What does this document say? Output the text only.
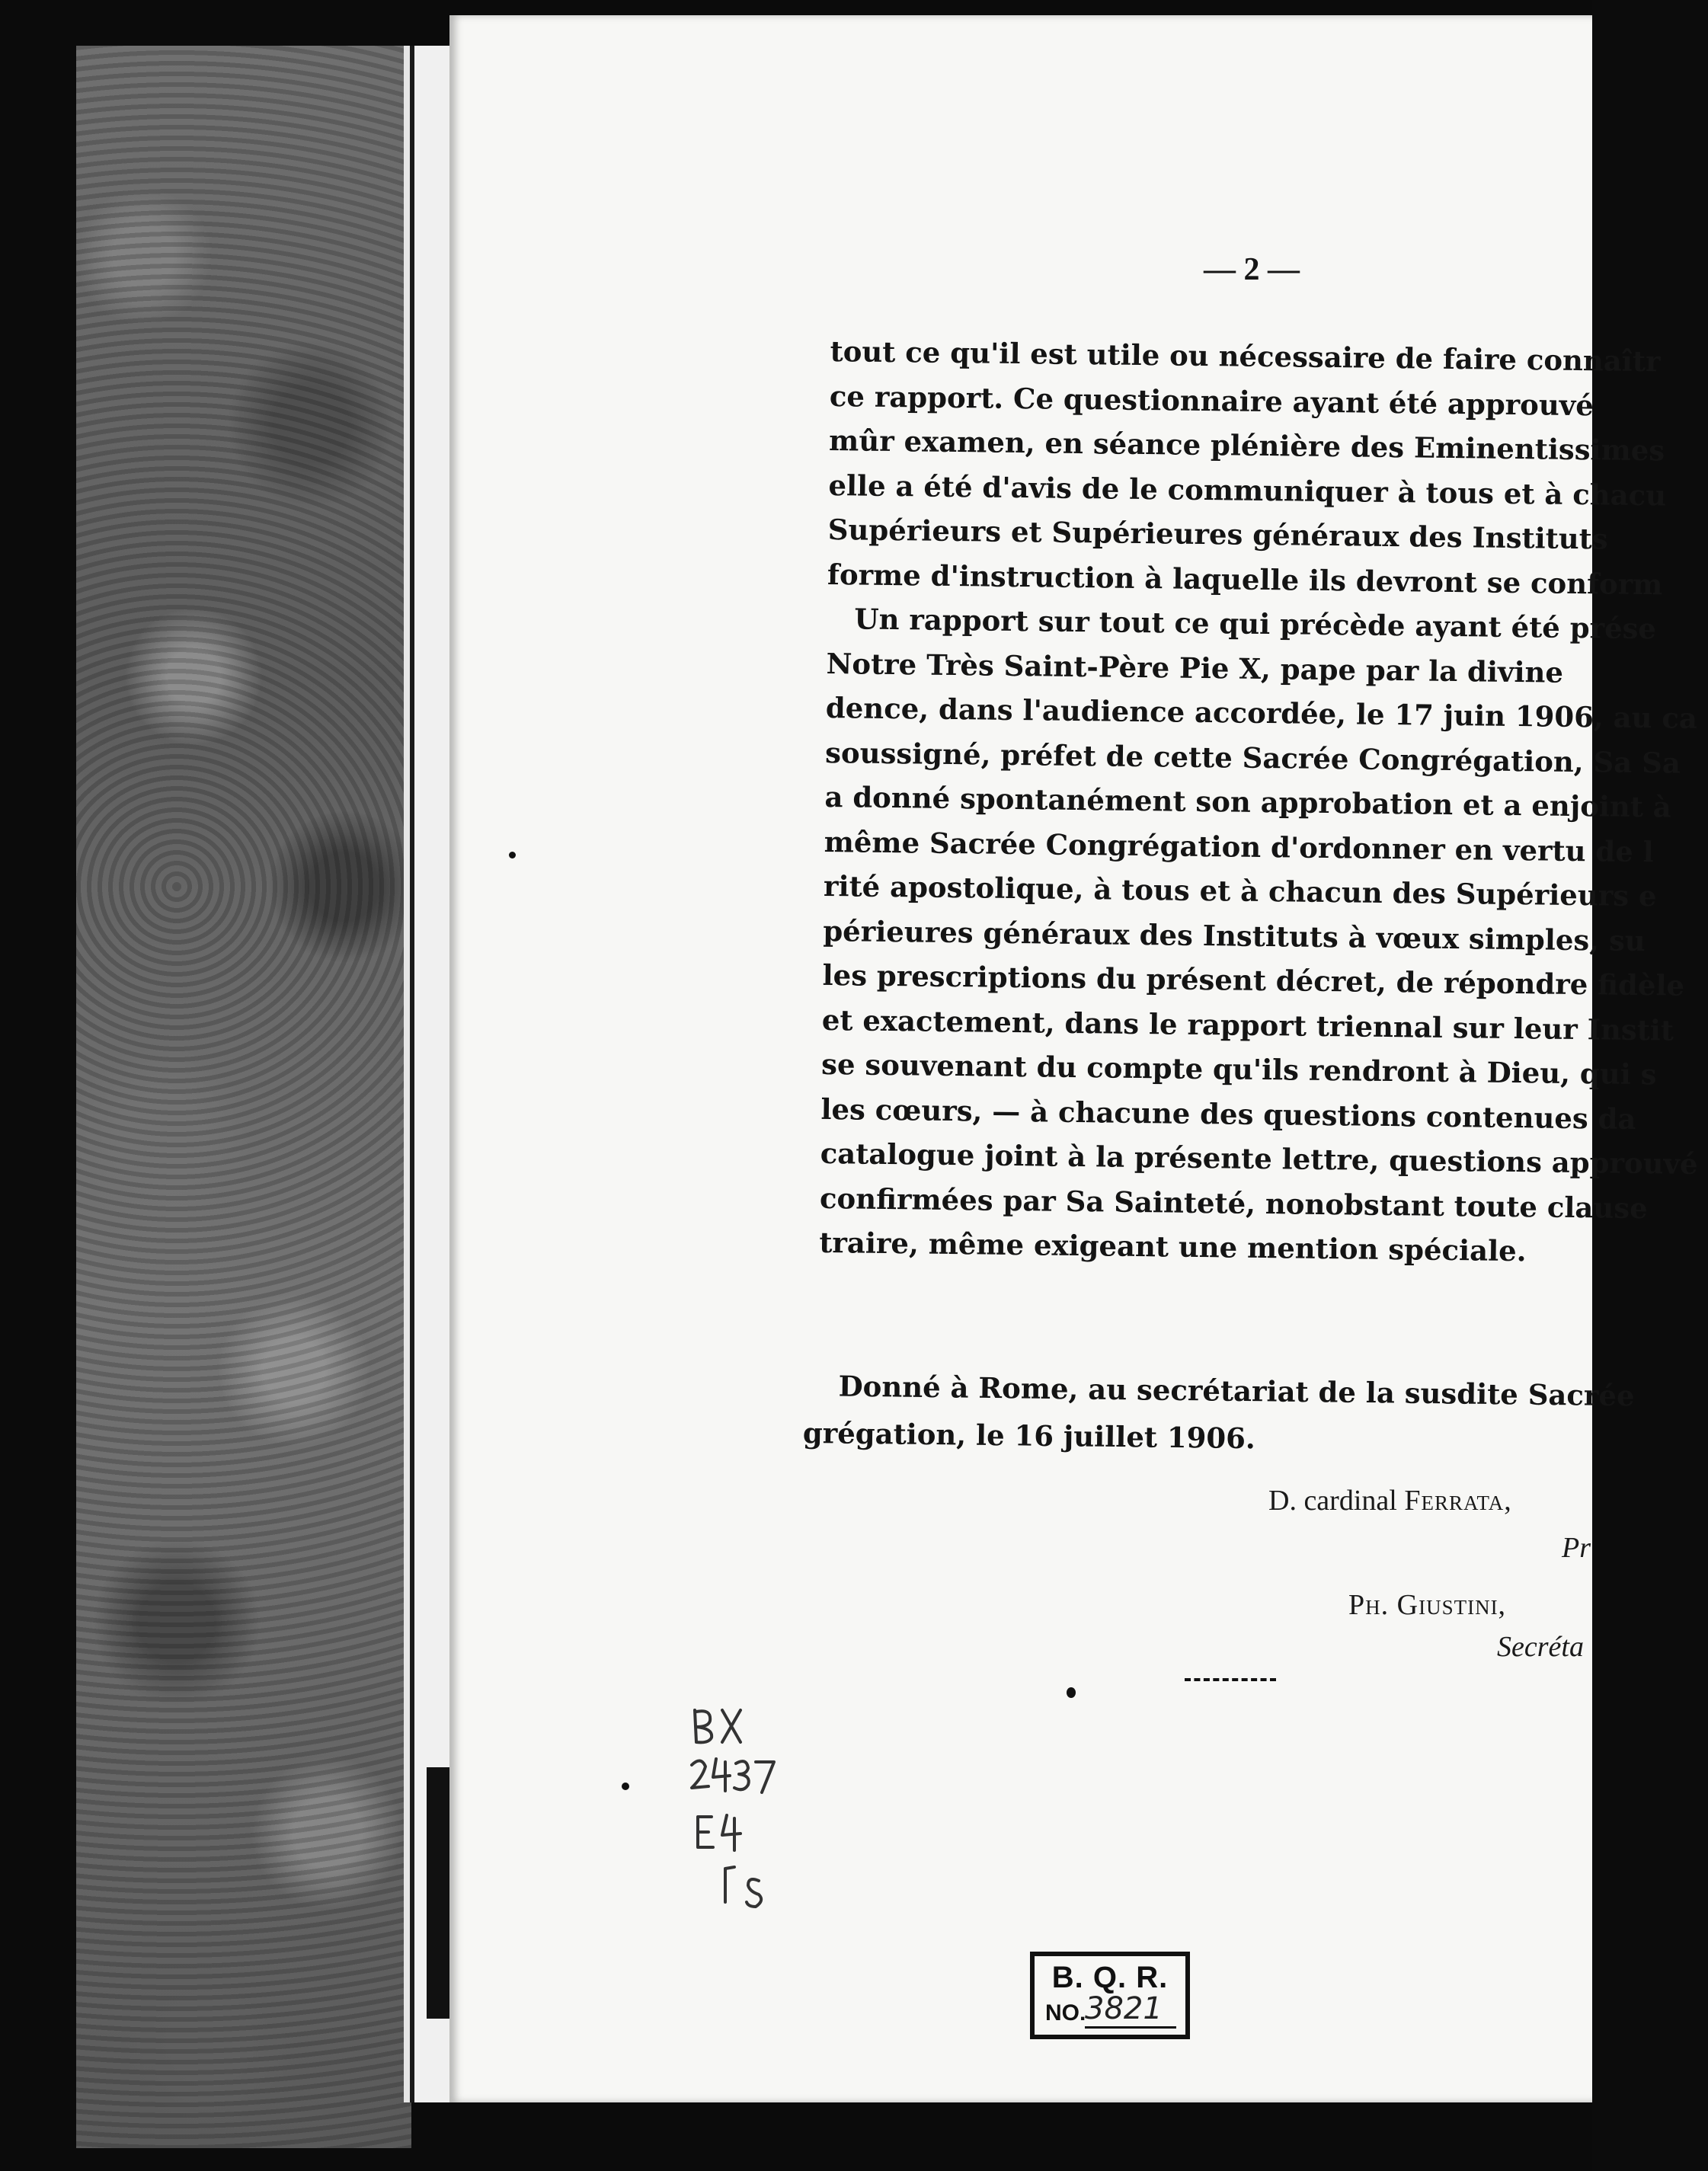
— 2 —
tout ce qu'il est utile ou nécessaire de faire connaîtr
ce rapport. Ce questionnaire ayant été approuvé
mûr examen, en séance plénière des Eminentissimes
elle a été d'avis de le communiquer à tous et à chacu
Supérieurs et Supérieures généraux des Instituts
forme d'instruction à laquelle ils devront se conform
Un rapport sur tout ce qui précède ayant été prése
Notre Très Saint-Père Pie X, pape par la divine
dence, dans l'audience accordée, le 17 juin 1906, au ca
soussigné, préfet de cette Sacrée Congrégation, Sa Sa
a donné spontanément son approbation et a enjoint à
même Sacrée Congrégation d'ordonner en vertu de l
rité apostolique, à tous et à chacun des Supérieurs e
périeures généraux des Instituts à vœux simples, su
les prescriptions du présent décret, de répondre fidèle
et exactement, dans le rapport triennal sur leur Instit
se souvenant du compte qu'ils rendront à Dieu, qui s
les cœurs, — à chacune des questions contenues da
catalogue joint à la présente lettre, questions approuvé
confirmées par Sa Sainteté, nonobstant toute clause
traire, même exigeant une mention spéciale.
Donné à Rome, au secrétariat de la susdite Sacrée
grégation, le 16 juillet 1906.
D. cardinal Ferrata,
Pr
Ph. Giustini,
Secréta
B. Q. R.
NO.
3821
